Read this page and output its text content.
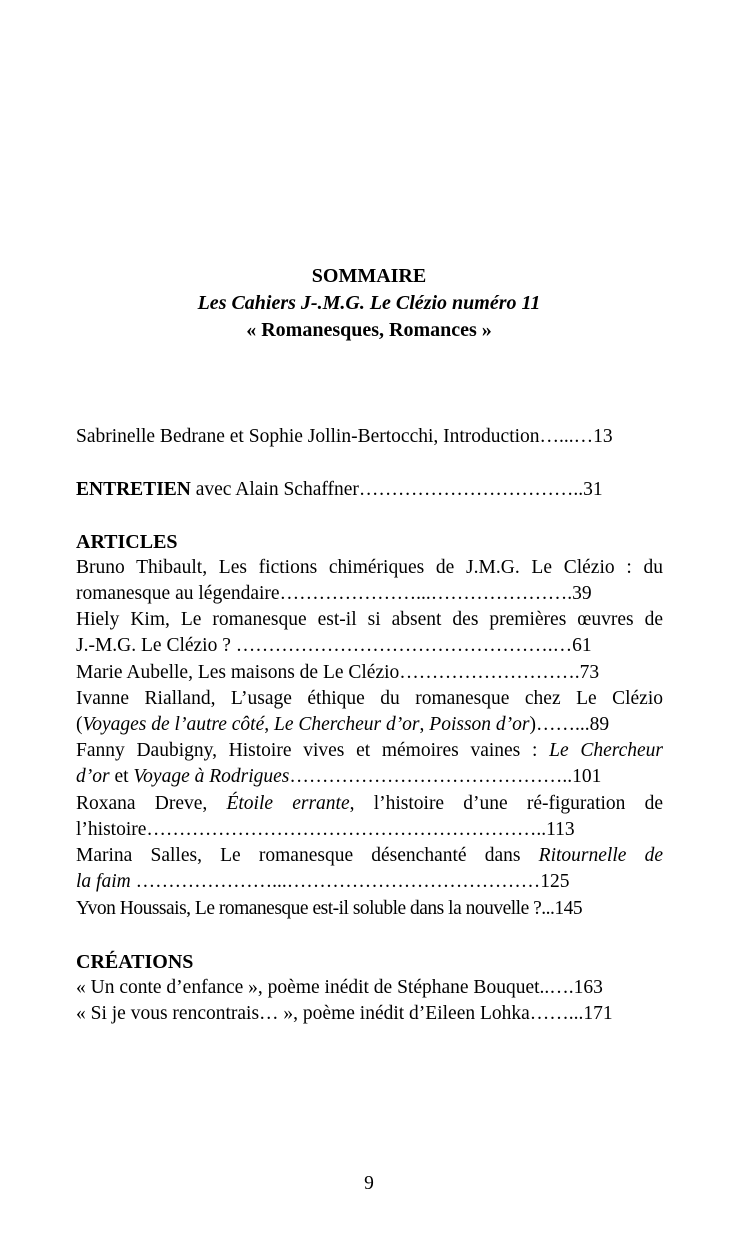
SOMMAIRE
Les Cahiers J-.M.G. Le Clézio numéro 11
« Romanesques, Romances »
Sabrinelle Bedrane et Sophie Jollin-Bertocchi, Introduction…...…13
ENTRETIEN avec Alain Schaffner……………………………..31
ARTICLES
Bruno Thibault, Les fictions chimériques de J.M.G. Le Clézio : du
romanesque au légendaire…………………...………………….39
Hiely Kim, Le romanesque est-il si absent des premières œuvres de
J.-M.G. Le Clézio ? ………………………………………….…61
Marie Aubelle, Les maisons de Le Clézio……………………….73
Ivanne Rialland, L’usage éthique du romanesque chez Le Clézio
(Voyages de l’autre côté, Le Chercheur d’or, Poisson d’or)……...89
Fanny Daubigny, Histoire vives et mémoires vaines : Le Chercheur
d’or et Voyage à Rodrigues……………………………………..101
Roxana Dreve, Étoile errante, l’histoire d’une ré-figuration de
l’histoire……………………………………………………..113
Marina Salles, Le romanesque désenchanté dans Ritournelle de
la faim …………………...…………………………………125
Yvon Houssais, Le romanesque est-il soluble dans la nouvelle ?...145
CRÉATIONS
« Un conte d’enfance », poème inédit de Stéphane Bouquet..….163
« Si je vous rencontrais… », poème inédit d’Eileen Lohka……...171
9
